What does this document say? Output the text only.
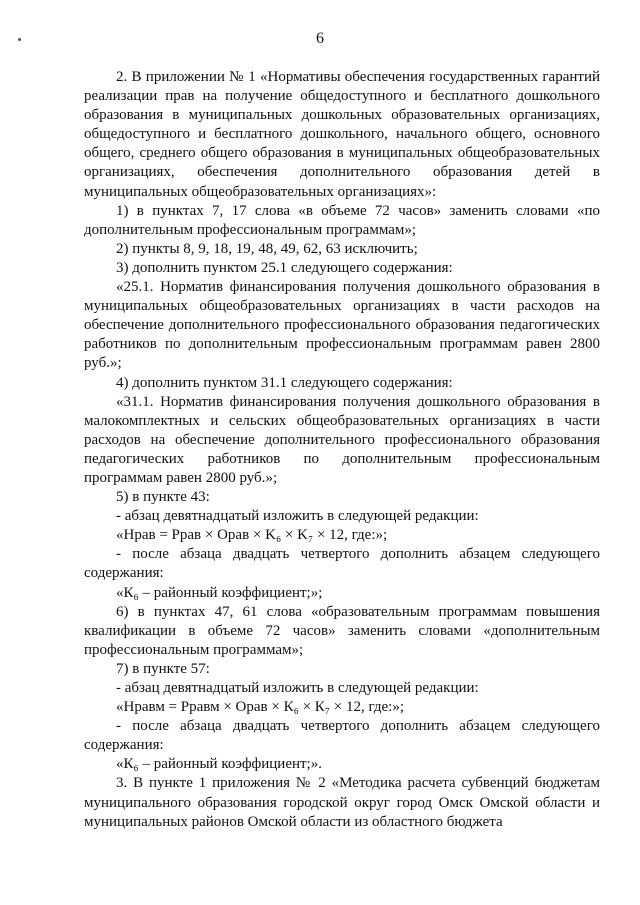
6

2. В приложении № 1 «Нормативы обеспечения государственных гарантий реализации прав на получение общедоступного и бесплатного дошкольного образования в муниципальных дошкольных образовательных организациях, общедоступного и бесплатного дошкольного, начального общего, основного общего, среднего общего образования в муниципальных общеобразовательных организациях, обеспечения дополнительного образования детей в муниципальных общеобразовательных организациях»:

1) в пунктах 7, 17 слова «в объеме 72 часов» заменить словами «по дополнительным профессиональным программам»;

2) пункты 8, 9, 18, 19, 48, 49, 62, 63 исключить;

3) дополнить пунктом 25.1 следующего содержания:

«25.1. Норматив финансирования получения дошкольного образования в муниципальных общеобразовательных организациях в части расходов на обеспечение дополнительного профессионального образования педагогических работников по дополнительным профессиональным программам равен 2800 руб.»;

4) дополнить пунктом 31.1 следующего содержания:

«31.1. Норматив финансирования получения дошкольного образования в малокомплектных и сельских общеобразовательных организациях в части расходов на обеспечение дополнительного профессионального образования педагогических работников по дополнительным профессиональным программам равен 2800 руб.»;

5) в пункте 43:

- абзац девятнадцатый изложить в следующей редакции:

«Нрав = Ррав × Орав × K₆ × K₇ × 12, где:»;

- после абзаца двадцать четвертого дополнить абзацем следующего содержания:

«К₆ – районный коэффициент;»;

6) в пунктах 47, 61 слова «образовательным программам повышения квалификации в объеме 72 часов» заменить словами «дополнительным профессиональным программам»;

7) в пункте 57:

- абзац девятнадцатый изложить в следующей редакции:

«Нравм = Рравм × Орав × К₆ × К₇ × 12, где:»;

- после абзаца двадцать четвертого дополнить абзацем следующего содержания:

«К₆ – районный коэффициент;».

3. В пункте 1 приложения № 2 «Методика расчета субвенций бюджетам муниципального образования городской округ город Омск Омской области и муниципальных районов Омской области из областного бюджета
